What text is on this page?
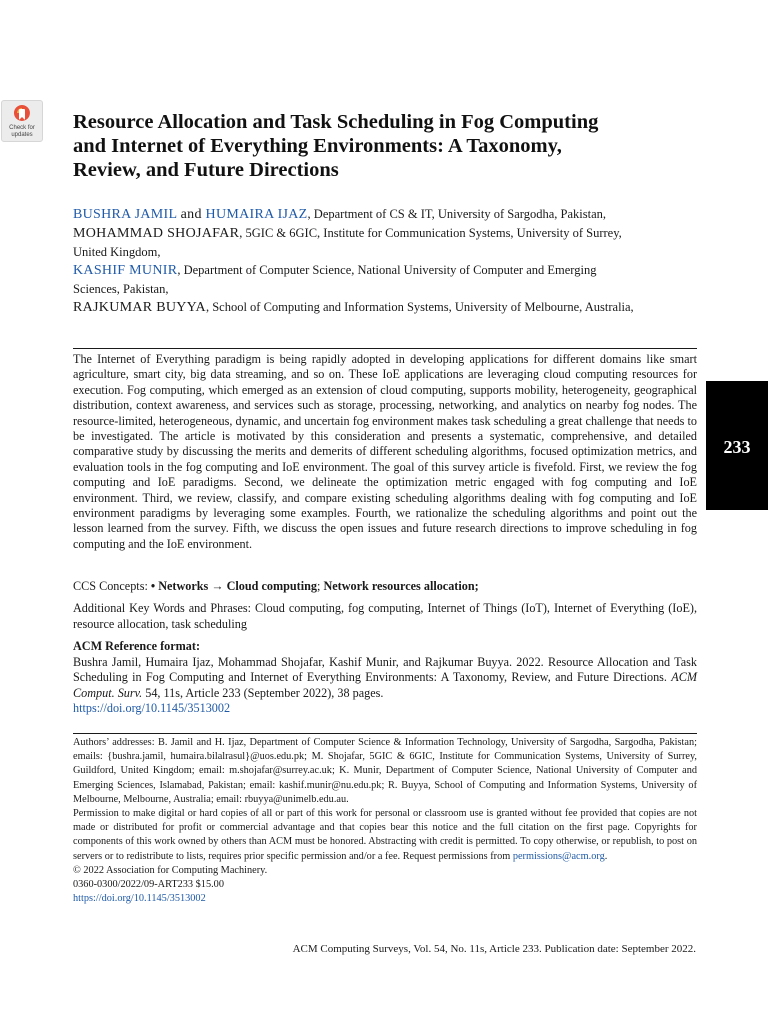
Check for
updates
Resource Allocation and Task Scheduling in Fog Computing
and Internet of Everything Environments: A Taxonomy,
Review, and Future Directions
BUSHRA JAMIL and HUMAIRA IJAZ, Department of CS & IT, University of Sargodha, Pakistan,
MOHAMMAD SHOJAFAR, 5GIC & 6GIC, Institute for Communication Systems, University of Surrey,
United Kingdom,
KASHIF MUNIR, Department of Computer Science, National University of Computer and Emerging
Sciences, Pakistan,
RAJKUMAR BUYYA, School of Computing and Information Systems, University of Melbourne, Australia,
The Internet of Everything paradigm is being rapidly adopted in developing applications for different domains like smart agriculture, smart city, big data streaming, and so on. These IoE applications are leveraging cloud computing resources for execution. Fog computing, which emerged as an extension of cloud computing, supports mobility, heterogeneity, geographical distribution, context awareness, and services such as storage, processing, networking, and analytics on nearby fog nodes. The resource-limited, heterogeneous, dynamic, and uncertain fog environment makes task scheduling a great challenge that needs to be investigated. The article is motivated by this consideration and presents a systematic, comprehensive, and detailed comparative study by discussing the merits and demerits of different scheduling algorithms, focused optimization metrics, and evaluation tools in the fog computing and IoE environment. The goal of this survey article is fivefold. First, we review the fog computing and IoE paradigms. Second, we delineate the optimization metric engaged with fog computing and IoE environment. Third, we review, classify, and compare existing scheduling algorithms dealing with fog computing and IoE environment paradigms by leveraging some examples. Fourth, we rationalize the scheduling algorithms and point out the lesson learned from the survey. Fifth, we discuss the open issues and future research directions to improve scheduling in fog computing and the IoE environment.
CCS Concepts: • Networks → Cloud computing; Network resources allocation;
Additional Key Words and Phrases: Cloud computing, fog computing, Internet of Things (IoT), Internet of Everything (IoE), resource allocation, task scheduling
ACM Reference format:
Bushra Jamil, Humaira Ijaz, Mohammad Shojafar, Kashif Munir, and Rajkumar Buyya. 2022. Resource Allocation and Task Scheduling in Fog Computing and Internet of Everything Environments: A Taxonomy, Review, and Future Directions. ACM Comput. Surv. 54, 11s, Article 233 (September 2022), 38 pages.
https://doi.org/10.1145/3513002

Authors’ addresses: B. Jamil and H. Ijaz, Department of Computer Science & Information Technology, University of Sargodha, Sargodha, Pakistan; emails: {bushra.jamil, humaira.bilalrasul}@uos.edu.pk; M. Shojafar, 5GIC & 6GIC, Institute for Communication Systems, University of Surrey, Guildford, United Kingdom; email: m.shojafar@surrey.ac.uk; K. Munir, Department of Computer Science, National University of Computer and Emerging Sciences, Islamabad, Pakistan; email: kashif.munir@nu.edu.pk; R. Buyya, School of Computing and Information Systems, University of Melbourne, Melbourne, Australia; email: rbuyya@unimelb.edu.au.

Permission to make digital or hard copies of all or part of this work for personal or classroom use is granted without fee provided that copies are not made or distributed for profit or commercial advantage and that copies bear this notice and the full citation on the first page. Copyrights for components of this work owned by others than ACM must be honored. Abstracting with credit is permitted. To copy otherwise, or republish, to post on servers or to redistribute to lists, requires prior specific permission and/or a fee. Request permissions from permissions@acm.org.

© 2022 Association for Computing Machinery.

0360-0300/2022/09-ART233 $15.00

https://doi.org/10.1145/3513002

ACM Computing Surveys, Vol. 54, No. 11s, Article 233. Publication date: September 2022.
233
